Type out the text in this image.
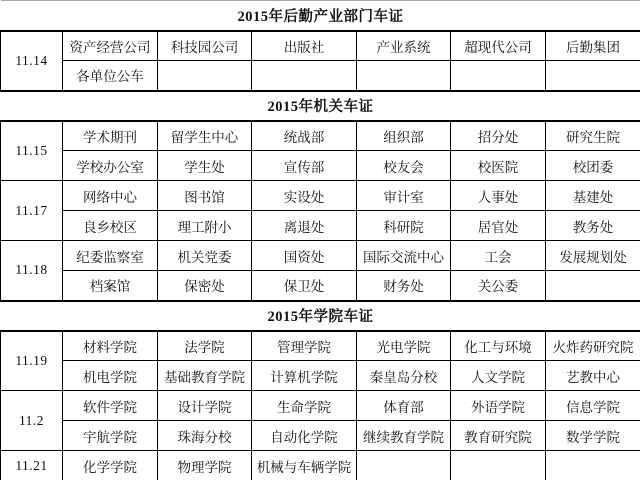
2015年后勤产业部门车证						
11.14	资产经营公司	科技园公司	出版社	产业系统	超现代公司	后勤集团
	各单位公车					
2015年机关车证						
11.15	学术期刊	留学生中心	统战部	组织部	招分处	研究生院
	学校办公室	学生处	宣传部	校友会	校医院	校团委
11.17	网络中心	图书馆	实设处	审计室	人事处	基建处
	良乡校区	理工附小	离退处	科研院	居官处	教务处
11.18	纪委监察室	机关党委	国资处	国际交流中心	工会	发展规划处
	档案馆	保密处	保卫处	财务处	关公委	
2015年学院车证						
11.19	材料学院	法学院	管理学院	光电学院	化工与环境	火炸药研究院
	机电学院	基础教育学院	计算机学院	秦皇岛分校	人文学院	艺教中心
11.2	软件学院	设计学院	生命学院	体育部	外语学院	信息学院
	宇航学院	珠海分校	自动化学院	继续教育学院	教育研究院	数学学院
11.21	化学学院	物理学院	机械与车辆学院			
